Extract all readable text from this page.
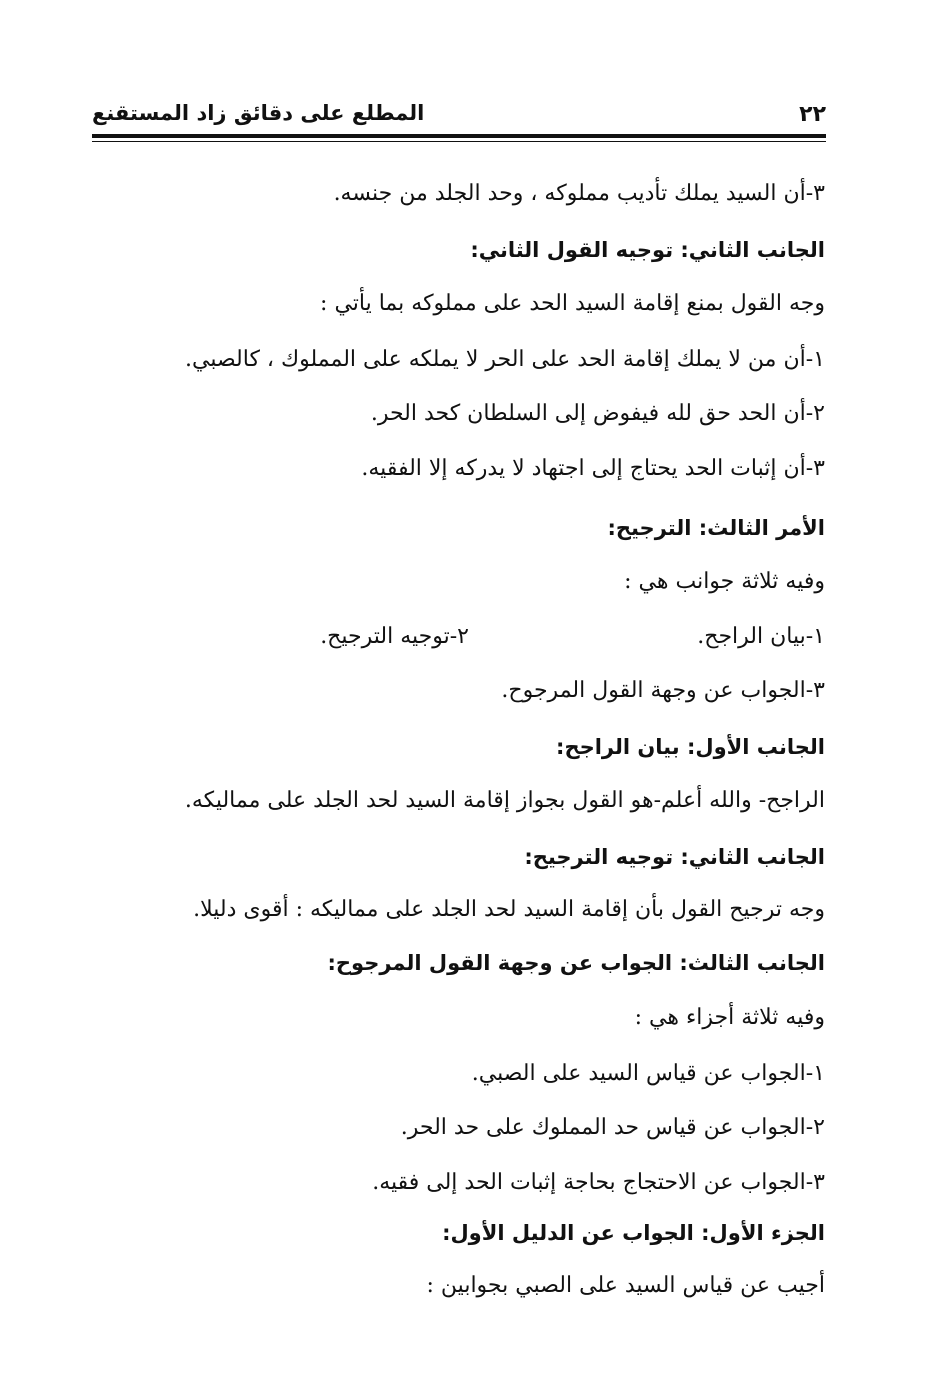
٢٢
المطلع على دقائق زاد المستقنع
٣-أن السيد يملك تأديب مملوكه ، وحد الجلد من جنسه.
الجانب الثاني: توجيه القول الثاني:
وجه القول بمنع إقامة السيد الحد على مملوكه بما يأتي :
١-أن من لا يملك إقامة الحد على الحر لا يملكه على المملوك ، كالصبي.
٢-أن الحد حق لله فيفوض إلى السلطان كحد الحر.
٣-أن إثبات الحد يحتاج إلى اجتهاد لا يدركه إلا الفقيه.
الأمر الثالث: الترجيح:
وفيه ثلاثة جوانب هي :
١-بيان الراجح.
٢-توجيه الترجيح.
٣-الجواب عن وجهة القول المرجوح.
الجانب الأول: بيان الراجح:
الراجح- والله أعلم-هو القول بجواز إقامة السيد لحد الجلد على مماليكه.
الجانب الثاني: توجيه الترجيح:
وجه ترجيح القول بأن إقامة السيد لحد الجلد على مماليكه : أقوى دليلا.
الجانب الثالث: الجواب عن وجهة القول المرجوح:
وفيه ثلاثة أجزاء هي :
١-الجواب عن قياس السيد على الصبي.
٢-الجواب عن قياس حد المملوك على حد الحر.
٣-الجواب عن الاحتجاج بحاجة إثبات الحد إلى فقيه.
الجزء الأول: الجواب عن الدليل الأول:
أجيب عن قياس السيد على الصبي بجوابين :
